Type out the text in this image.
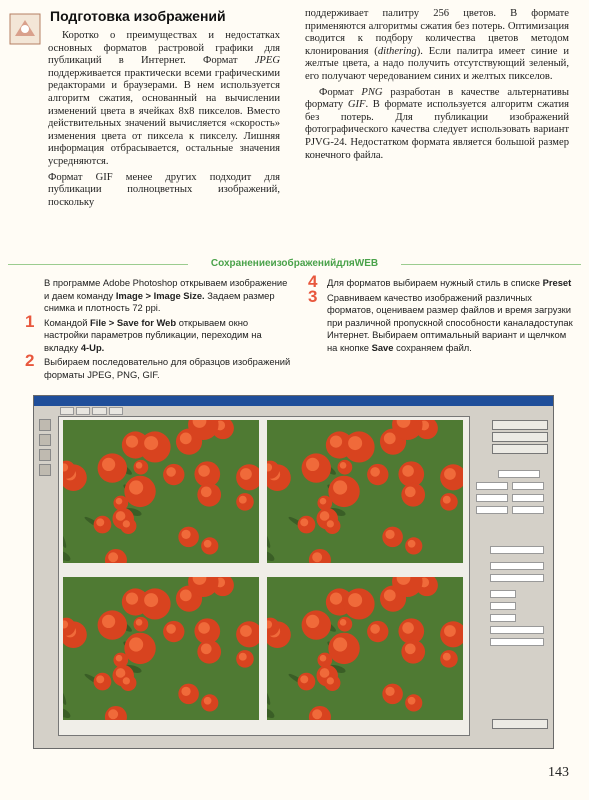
Подготовка изображений

Коротко о преимуществах и недостатках основных форматов растровой графики для публикаций в Интернет. Формат JPEG поддерживается практически всеми графическими редакторами и браузерами. В нем используется алгоритм сжатия, основанный на вычислении изменений цвета в ячейках 8х8 пикселов. Вместо действительных значений вычисляется «скорость» изменения цвета от пиксела к пикселу. Лишняя информация отбрасывается, остальные значения усредняются.

Формат GIF менее других подходит для публикации полноцветных изображений, поскольку

поддерживает палитру 256 цветов. В формате применяются алгоритмы сжатия без потерь. Оптимизация сводится к подбору количества цветов методом клонирования (dithering). Если палитра имеет синие и желтые цвета, а надо получить отсутствующий зеленый, его получают чередованием синих и желтых пикселов.

Формат PNG разработан в качестве альтернативы формату GIF. В формате используется алгоритм сжатия без потерь. Для публикации изображений фотографического качества следует использовать вариант PJVG-24. Недостатком формата является большой размер конечного файла.

СохранениеизображенийдляWEB
В программе Adobe Photoshop открываем изображение и даем команду Image > Image Size. Задаем размер снимка и плотность 72 ppi.
1 Командой File > Save for Web открываем окно настройки параметров публикации, переходим на вкладку 4-Up.
2 Выбираем последовательно для образцов изображений форматы JPEG, PNG, GIF.
4 Для форматов выбираем нужный стиль в списке Preset
3 Сравниваем качество изображений различных форматов, оцениваем размер файлов и время загрузки при различной пропускной способности каналадоступак Интернет. Выбираем оптимальный вариант и щелчком на кнопке Save сохраняем файл.

143
